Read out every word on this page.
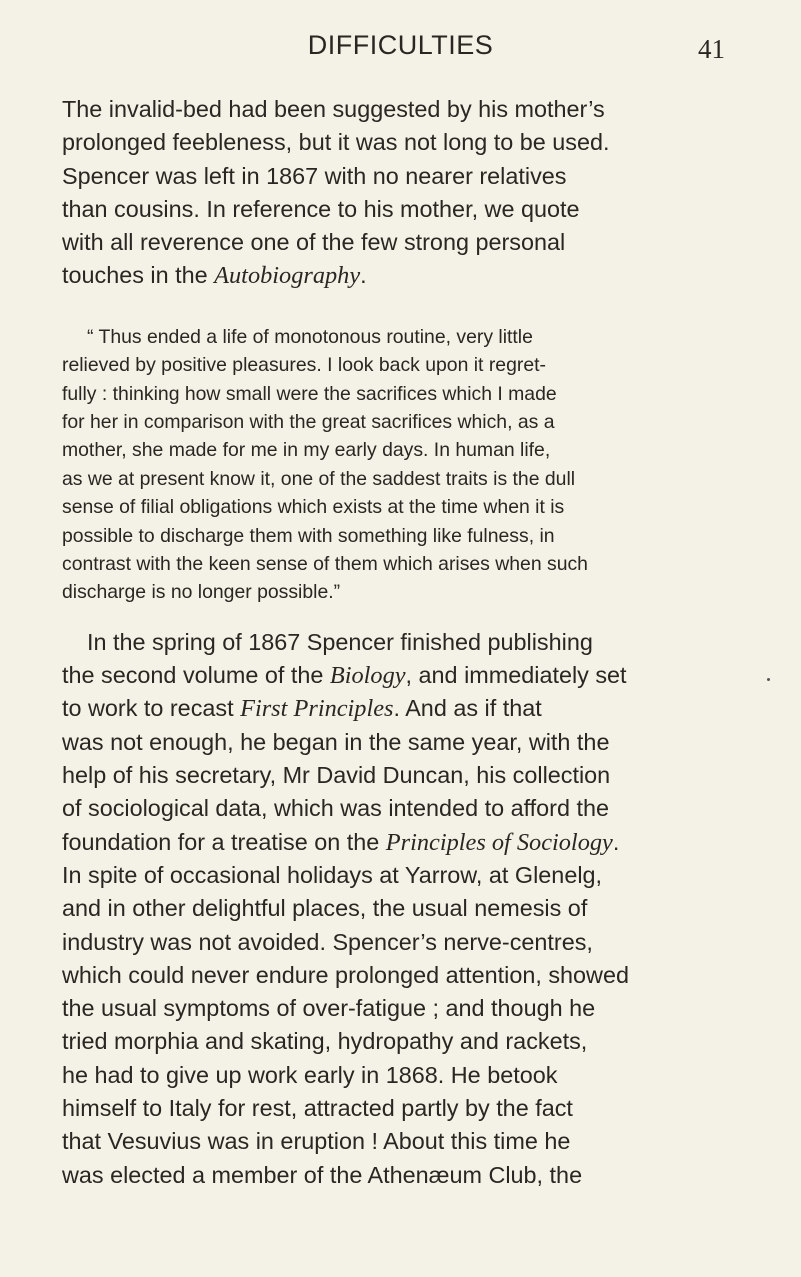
DIFFICULTIES	41
The invalid-bed had been suggested by his mother’s
prolonged feebleness, but it was not long to be used.
Spencer was left in 1867 with no nearer relatives
than cousins. In reference to his mother, we quote
with all reverence one of the few strong personal
touches in the Autobiography.
“ Thus ended a life of monotonous routine, very little
relieved by positive pleasures. I look back upon it regret-
fully : thinking how small were the sacrifices which I made
for her in comparison with the great sacrifices which, as a
mother, she made for me in my early days. In human life,
as we at present know it, one of the saddest traits is the dull
sense of filial obligations which exists at the time when it is
possible to discharge them with something like fulness, in
contrast with the keen sense of them which arises when such
discharge is no longer possible.”
In the spring of 1867 Spencer finished publishing
the second volume of the Biology, and immediately set
to work to recast First Principles. And as if that
was not enough, he began in the same year, with the
help of his secretary, Mr David Duncan, his collection
of sociological data, which was intended to afford the
foundation for a treatise on the Principles of Sociology.
In spite of occasional holidays at Yarrow, at Glenelg,
and in other delightful places, the usual nemesis of
industry was not avoided. Spencer’s nerve-centres,
which could never endure prolonged attention, showed
the usual symptoms of over-fatigue ; and though he
tried morphia and skating, hydropathy and rackets,
he had to give up work early in 1868. He betook
himself to Italy for rest, attracted partly by the fact
that Vesuvius was in eruption ! About this time he
was elected a member of the Athenæum Club, the
